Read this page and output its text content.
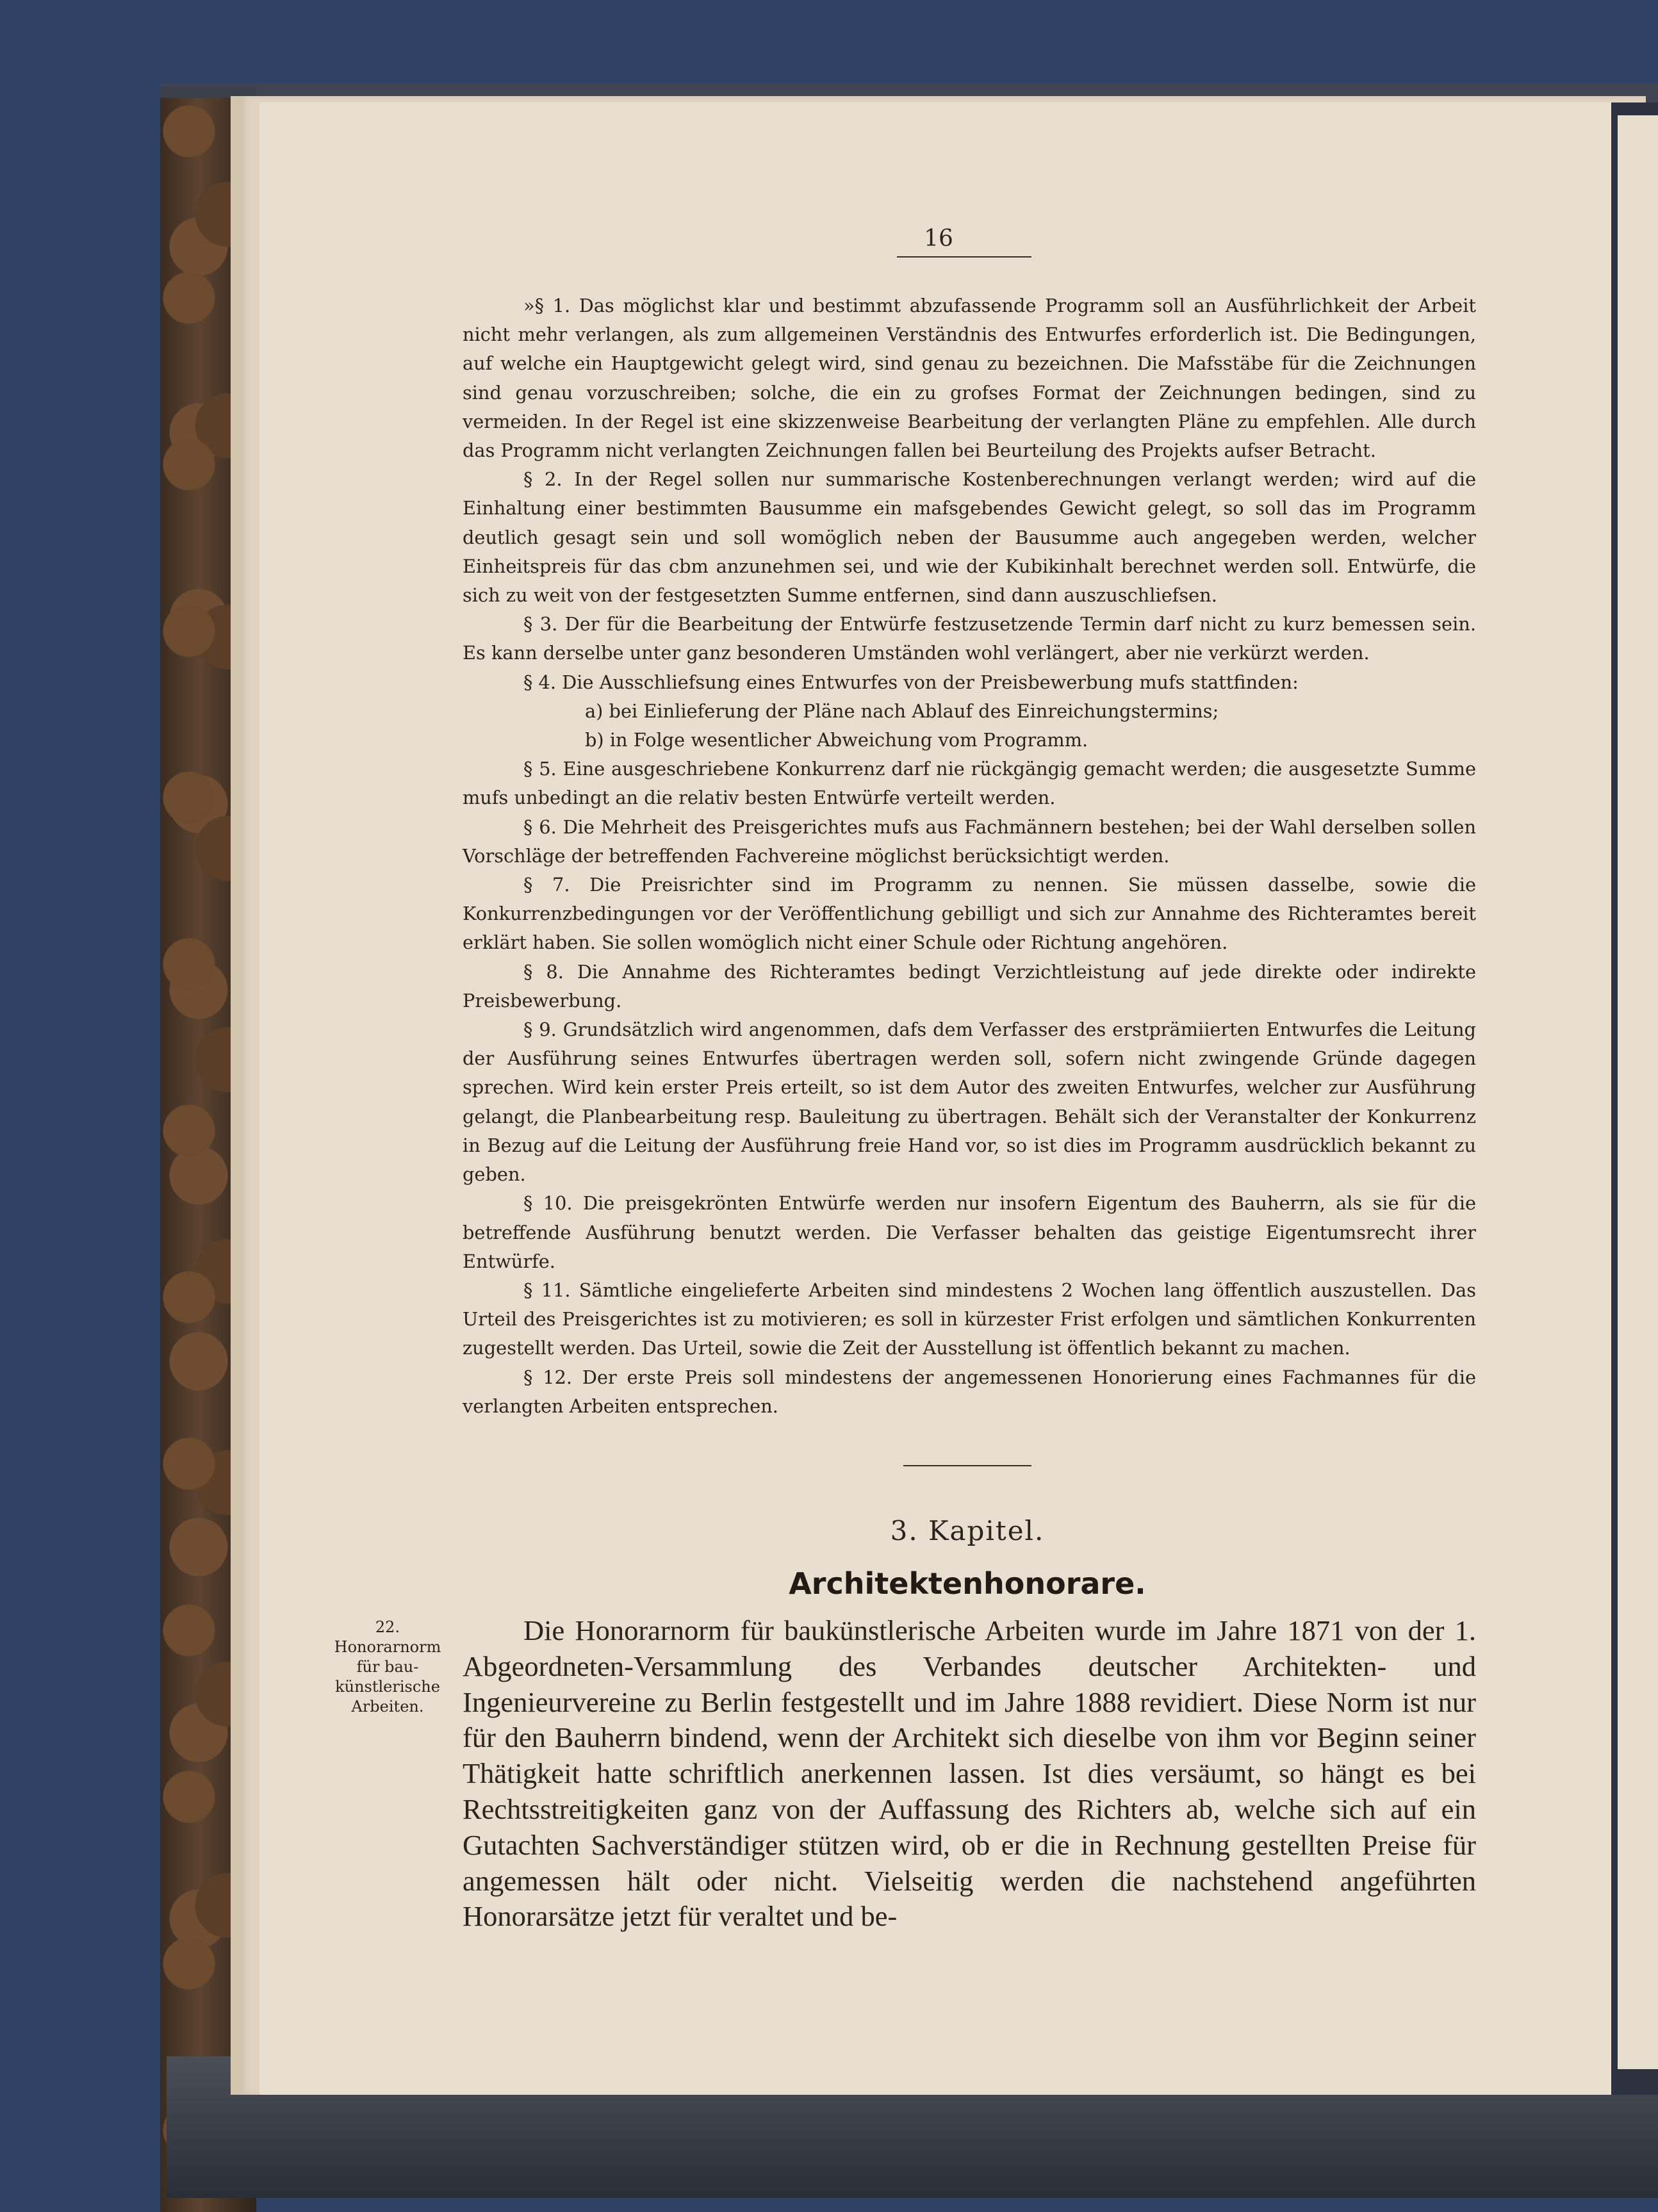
16

»§ 1. Das möglichst klar und bestimmt abzufassende Programm soll an Ausführlichkeit der Arbeit nicht mehr verlangen, als zum allgemeinen Verständnis des Entwurfes erforderlich ist. Die Bedingungen, auf welche ein Hauptgewicht gelegt wird, sind genau zu bezeichnen. Die Mafsstäbe für die Zeichnungen sind genau vorzuschreiben; solche, die ein zu grofses Format der Zeichnungen bedingen, sind zu vermeiden. In der Regel ist eine skizzenweise Bearbeitung der verlangten Pläne zu empfehlen. Alle durch das Programm nicht verlangten Zeichnungen fallen bei Beurteilung des Projekts aufser Betracht.

§ 2. In der Regel sollen nur summarische Kostenberechnungen verlangt werden; wird auf die Einhaltung einer bestimmten Bausumme ein mafsgebendes Gewicht gelegt, so soll das im Programm deutlich gesagt sein und soll womöglich neben der Bausumme auch angegeben werden, welcher Einheitspreis für das cbm anzunehmen sei, und wie der Kubikinhalt berechnet werden soll. Entwürfe, die sich zu weit von der festgesetzten Summe entfernen, sind dann auszuschliefsen.

§ 3. Der für die Bearbeitung der Entwürfe festzusetzende Termin darf nicht zu kurz bemessen sein. Es kann derselbe unter ganz besonderen Umständen wohl verlängert, aber nie verkürzt werden.

§ 4. Die Ausschliefsung eines Entwurfes von der Preisbewerbung mufs stattfinden:

a) bei Einlieferung der Pläne nach Ablauf des Einreichungstermins;

b) in Folge wesentlicher Abweichung vom Programm.

§ 5. Eine ausgeschriebene Konkurrenz darf nie rückgängig gemacht werden; die ausgesetzte Summe mufs unbedingt an die relativ besten Entwürfe verteilt werden.

§ 6. Die Mehrheit des Preisgerichtes mufs aus Fachmännern bestehen; bei der Wahl derselben sollen Vorschläge der betreffenden Fachvereine möglichst berücksichtigt werden.

§ 7. Die Preisrichter sind im Programm zu nennen. Sie müssen dasselbe, sowie die Konkurrenzbedingungen vor der Veröffentlichung gebilligt und sich zur Annahme des Richteramtes bereit erklärt haben. Sie sollen womöglich nicht einer Schule oder Richtung angehören.

§ 8. Die Annahme des Richteramtes bedingt Verzichtleistung auf jede direkte oder indirekte Preisbewerbung.

§ 9. Grundsätzlich wird angenommen, dafs dem Verfasser des erstprämiierten Entwurfes die Leitung der Ausführung seines Entwurfes übertragen werden soll, sofern nicht zwingende Gründe dagegen sprechen. Wird kein erster Preis erteilt, so ist dem Autor des zweiten Entwurfes, welcher zur Ausführung gelangt, die Planbearbeitung resp. Bauleitung zu übertragen. Behält sich der Veranstalter der Konkurrenz in Bezug auf die Leitung der Ausführung freie Hand vor, so ist dies im Programm ausdrücklich bekannt zu geben.

§ 10. Die preisgekrönten Entwürfe werden nur insofern Eigentum des Bauherrn, als sie für die betreffende Ausführung benutzt werden. Die Verfasser behalten das geistige Eigentumsrecht ihrer Entwürfe.

§ 11. Sämtliche eingelieferte Arbeiten sind mindestens 2 Wochen lang öffentlich auszustellen. Das Urteil des Preisgerichtes ist zu motivieren; es soll in kürzester Frist erfolgen und sämtlichen Konkurrenten zugestellt werden. Das Urteil, sowie die Zeit der Ausstellung ist öffentlich bekannt zu machen.

§ 12. Der erste Preis soll mindestens der angemessenen Honorierung eines Fachmannes für die verlangten Arbeiten entsprechen.

3. Kapitel.
Architektenhonorare.
22.
Honorarnorm
für bau-
künstlerische
Arbeiten.

Die Honorarnorm für baukünstlerische Arbeiten wurde im Jahre 1871 von der 1. Abgeordneten-Versammlung des Verbandes deutscher Architekten- und Ingenieurvereine zu Berlin festgestellt und im Jahre 1888 revidiert. Diese Norm ist nur für den Bauherrn bindend, wenn der Architekt sich dieselbe von ihm vor Beginn seiner Thätigkeit hatte schriftlich anerkennen lassen. Ist dies versäumt, so hängt es bei Rechtsstreitigkeiten ganz von der Auffassung des Richters ab, welche sich auf ein Gutachten Sachverständiger stützen wird, ob er die in Rechnung gestellten Preise für angemessen hält oder nicht. Vielseitig werden die nachstehend angeführten Honorarsätze jetzt für veraltet und be-
